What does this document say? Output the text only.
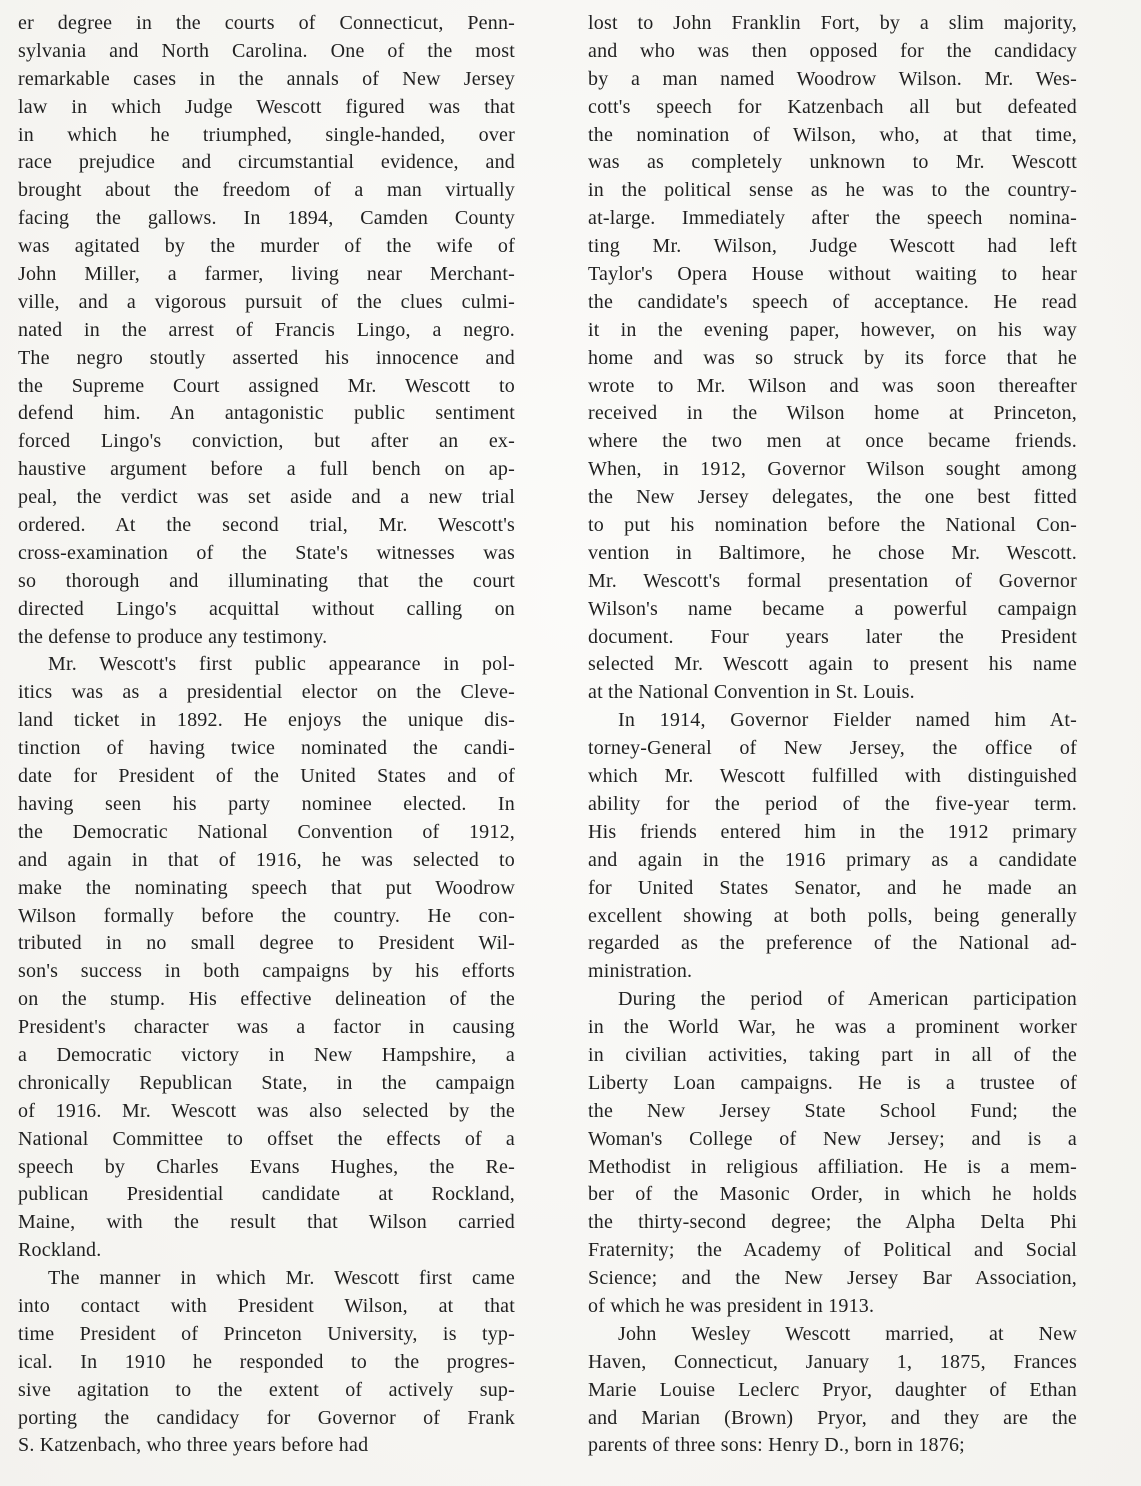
er degree in the courts of Connecticut, Penn-
sylvania and North Carolina. One of the most
remarkable cases in the annals of New Jersey
law in which Judge Wescott figured was that
in which he triumphed, single-handed, over
race prejudice and circumstantial evidence, and
brought about the freedom of a man virtually
facing the gallows. In 1894, Camden County
was agitated by the murder of the wife of
John Miller, a farmer, living near Merchant-
ville, and a vigorous pursuit of the clues culmi-
nated in the arrest of Francis Lingo, a negro.
The negro stoutly asserted his innocence and
the Supreme Court assigned Mr. Wescott to
defend him. An antagonistic public sentiment
forced Lingo's conviction, but after an ex-
haustive argument before a full bench on ap-
peal, the verdict was set aside and a new trial
ordered. At the second trial, Mr. Wescott's
cross-examination of the State's witnesses was
so thorough and illuminating that the court
directed Lingo's acquittal without calling on
the defense to produce any testimony.
Mr. Wescott's first public appearance in pol-
itics was as a presidential elector on the Cleve-
land ticket in 1892. He enjoys the unique dis-
tinction of having twice nominated the candi-
date for President of the United States and of
having seen his party nominee elected. In
the Democratic National Convention of 1912,
and again in that of 1916, he was selected to
make the nominating speech that put Woodrow
Wilson formally before the country. He con-
tributed in no small degree to President Wil-
son's success in both campaigns by his efforts
on the stump. His effective delineation of the
President's character was a factor in causing
a Democratic victory in New Hampshire, a
chronically Republican State, in the campaign
of 1916. Mr. Wescott was also selected by the
National Committee to offset the effects of a
speech by Charles Evans Hughes, the Re-
publican Presidential candidate at Rockland,
Maine, with the result that Wilson carried
Rockland.
The manner in which Mr. Wescott first came
into contact with President Wilson, at that
time President of Princeton University, is typ-
ical. In 1910 he responded to the progres-
sive agitation to the extent of actively sup-
porting the candidacy for Governor of Frank
S. Katzenbach, who three years before had
lost to John Franklin Fort, by a slim majority,
and who was then opposed for the candidacy
by a man named Woodrow Wilson. Mr. Wes-
cott's speech for Katzenbach all but defeated
the nomination of Wilson, who, at that time,
was as completely unknown to Mr. Wescott
in the political sense as he was to the country-
at-large. Immediately after the speech nomina-
ting Mr. Wilson, Judge Wescott had left
Taylor's Opera House without waiting to hear
the candidate's speech of acceptance. He read
it in the evening paper, however, on his way
home and was so struck by its force that he
wrote to Mr. Wilson and was soon thereafter
received in the Wilson home at Princeton,
where the two men at once became friends.
When, in 1912, Governor Wilson sought among
the New Jersey delegates, the one best fitted
to put his nomination before the National Con-
vention in Baltimore, he chose Mr. Wescott.
Mr. Wescott's formal presentation of Governor
Wilson's name became a powerful campaign
document. Four years later the President
selected Mr. Wescott again to present his name
at the National Convention in St. Louis.
In 1914, Governor Fielder named him At-
torney-General of New Jersey, the office of
which Mr. Wescott fulfilled with distinguished
ability for the period of the five-year term.
His friends entered him in the 1912 primary
and again in the 1916 primary as a candidate
for United States Senator, and he made an
excellent showing at both polls, being generally
regarded as the preference of the National ad-
ministration.
During the period of American participation
in the World War, he was a prominent worker
in civilian activities, taking part in all of the
Liberty Loan campaigns. He is a trustee of
the New Jersey State School Fund; the
Woman's College of New Jersey; and is a
Methodist in religious affiliation. He is a mem-
ber of the Masonic Order, in which he holds
the thirty-second degree; the Alpha Delta Phi
Fraternity; the Academy of Political and Social
Science; and the New Jersey Bar Association,
of which he was president in 1913.
John Wesley Wescott married, at New
Haven, Connecticut, January 1, 1875, Frances
Marie Louise Leclerc Pryor, daughter of Ethan
and Marian (Brown) Pryor, and they are the
parents of three sons: Henry D., born in 1876;
